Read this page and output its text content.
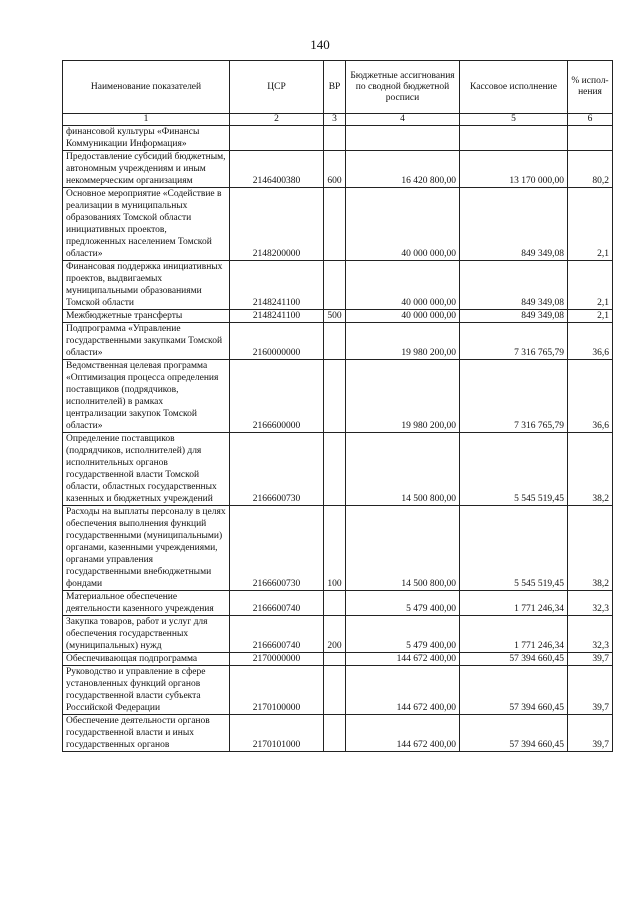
140
Наименование показателей	ЦСР	ВР	Бюджетные ассигнования по сводной бюджетной росписи	Кассовое исполнение	% испол-нения
1	2	3	4	5	6
финансовой культуры «Финансы Коммуникации Информация»					
Предоставление субсидий бюджетным, автономным учреждениям и иным некоммерческим организациям	2146400380	600	16 420 800,00	13 170 000,00	80,2
Основное мероприятие «Содействие в реализации в муниципальных образованиях Томской области инициативных проектов, предложенных населением Томской области»	2148200000		40 000 000,00	849 349,08	2,1
Финансовая поддержка инициативных проектов, выдвигаемых муниципальными образованиями Томской области	2148241100		40 000 000,00	849 349,08	2,1
Межбюджетные трансферты	2148241100	500	40 000 000,00	849 349,08	2,1
Подпрограмма «Управление государственными закупками Томской области»	2160000000		19 980 200,00	7 316 765,79	36,6
Ведомственная целевая программа «Оптимизация процесса определения поставщиков (подрядчиков, исполнителей) в рамках централизации закупок Томской области»	2166600000		19 980 200,00	7 316 765,79	36,6
Определение поставщиков (подрядчиков, исполнителей) для исполнительных органов государственной власти Томской области, областных государственных казенных и бюджетных учреждений	2166600730		14 500 800,00	5 545 519,45	38,2
Расходы на выплаты персоналу в целях обеспечения выполнения функций государственными (муниципальными) органами, казенными учреждениями, органами управления государственными внебюджетными фондами	2166600730	100	14 500 800,00	5 545 519,45	38,2
Материальное обеспечение деятельности казенного учреждения	2166600740		5 479 400,00	1 771 246,34	32,3
Закупка товаров, работ и услуг для обеспечения государственных (муниципальных) нужд	2166600740	200	5 479 400,00	1 771 246,34	32,3
Обеспечивающая подпрограмма	2170000000		144 672 400,00	57 394 660,45	39,7
Руководство и управление в сфере установленных функций органов государственной власти субъекта Российской Федерации	2170100000		144 672 400,00	57 394 660,45	39,7
Обеспечение деятельности органов государственной власти и иных государственных органов	2170101000		144 672 400,00	57 394 660,45	39,7
